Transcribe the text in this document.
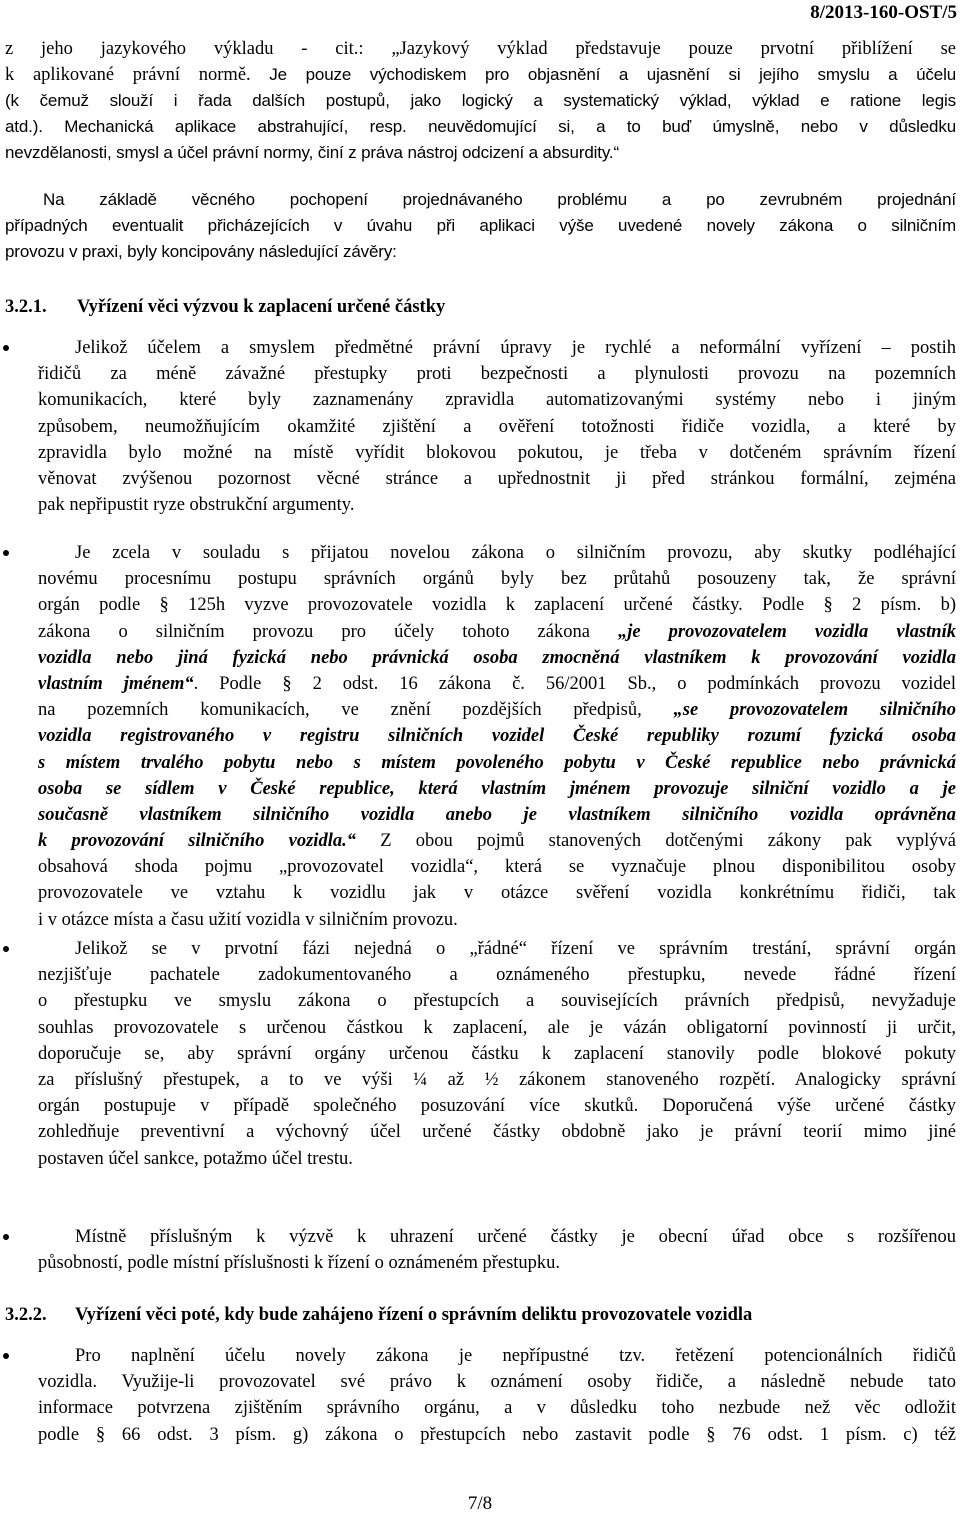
8/2013-160-OST/5
z jeho jazykového výkladu - cit.: „Jazykový výklad představuje pouze prvotní přiblížení se
k aplikované právní normě. Je pouze východiskem pro objasnění a ujasnění si jejího smyslu a účelu
(k čemuž slouží i řada dalších postupů, jako logický a systematický výklad, výklad e ratione legis
atd.). Mechanická aplikace abstrahující, resp. neuvědomující si, a to buď úmyslně, nebo v důsledku
nevzdělanosti, smysl a účel právní normy, činí z práva nástroj odcizení a absurdity.“
Na základě věcného pochopení projednávaného problému a po zevrubném projednání
případných eventualit přicházejících v úvahu při aplikaci výše uvedené novely zákona o silničním
provozu v praxi, byly koncipovány následující závěry:
3.2.1. Vyřízení věci výzvou k zaplacení určené částky
Jelikož účelem a smyslem předmětné právní úpravy je rychlé a neformální vyřízení – postih
řidičů za méně závažné přestupky proti bezpečnosti a plynulosti provozu na pozemních
komunikacích, které byly zaznamenány zpravidla automatizovanými systémy nebo i jiným
způsobem, neumožňujícím okamžité zjištění a ověření totožnosti řidiče vozidla, a které by
zpravidla bylo možné na místě vyřídit blokovou pokutou, je třeba v dotčeném správním řízení
věnovat zvýšenou pozornost věcné stránce a upřednostnit ji před stránkou formální, zejména
pak nepřipustit ryze obstrukční argumenty.
Je zcela v souladu s přijatou novelou zákona o silničním provozu, aby skutky podléhající
novému procesnímu postupu správních orgánů byly bez průtahů posouzeny tak, že správní
orgán podle § 125h vyzve provozovatele vozidla k zaplacení určené částky. Podle § 2 písm. b)
zákona o silničním provozu pro účely tohoto zákona „je provozovatelem vozidla vlastník
vozidla nebo jiná fyzická nebo právnická osoba zmocněná vlastníkem k provozování vozidla
vlastním jménem“. Podle § 2 odst. 16 zákona č. 56/2001 Sb., o podmínkách provozu vozidel
na pozemních komunikacích, ve znění pozdějších předpisů, „se provozovatelem silničního
vozidla registrovaného v registru silničních vozidel České republiky rozumí fyzická osoba
s místem trvalého pobytu nebo s místem povoleného pobytu v České republice nebo právnická
osoba se sídlem v České republice, která vlastním jménem provozuje silniční vozidlo a je
současně vlastníkem silničního vozidla anebo je vlastníkem silničního vozidla oprávněna
k provozování silničního vozidla.“ Z obou pojmů stanovených dotčenými zákony pak vyplývá
obsahová shoda pojmu „provozovatel vozidla“, která se vyznačuje plnou disponibilitou osoby
provozovatele ve vztahu k vozidlu jak v otázce svěření vozidla konkrétnímu řidiči, tak
i v otázce místa a času užití vozidla v silničním provozu.
Jelikož se v prvotní fázi nejedná o „řádné“ řízení ve správním trestání, správní orgán
nezjišťuje pachatele zadokumentovaného a oznámeného přestupku, nevede řádné řízení
o přestupku ve smyslu zákona o přestupcích a souvisejících právních předpisů, nevyžaduje
souhlas provozovatele s určenou částkou k zaplacení, ale je vázán obligatorní povinností ji určit,
doporučuje se, aby správní orgány určenou částku k zaplacení stanovily podle blokové pokuty
za příslušný přestupek, a to ve výši ¼ až ½ zákonem stanoveného rozpětí. Analogicky správní
orgán postupuje v případě společného posuzování více skutků. Doporučená výše určené částky
zohledňuje preventivní a výchovný účel určené částky obdobně jako je právní teorií mimo jiné
postaven účel sankce, potažmo účel trestu.
Místně příslušným k výzvě k uhrazení určené částky je obecní úřad obce s rozšířenou
působností, podle místní příslušnosti k řízení o oznámeném přestupku.
3.2.2. Vyřízení věci poté, kdy bude zahájeno řízení o správním deliktu provozovatele vozidla
Pro naplnění účelu novely zákona je nepřípustné tzv. řetězení potencionálních řidičů
vozidla. Využije-li provozovatel své právo k oznámení osoby řidiče, a následně nebude tato
informace potvrzena zjištěním správního orgánu, a v důsledku toho nezbude než věc odložit
podle § 66 odst. 3 písm. g) zákona o přestupcích nebo zastavit podle § 76 odst. 1 písm. c) též
7/8
